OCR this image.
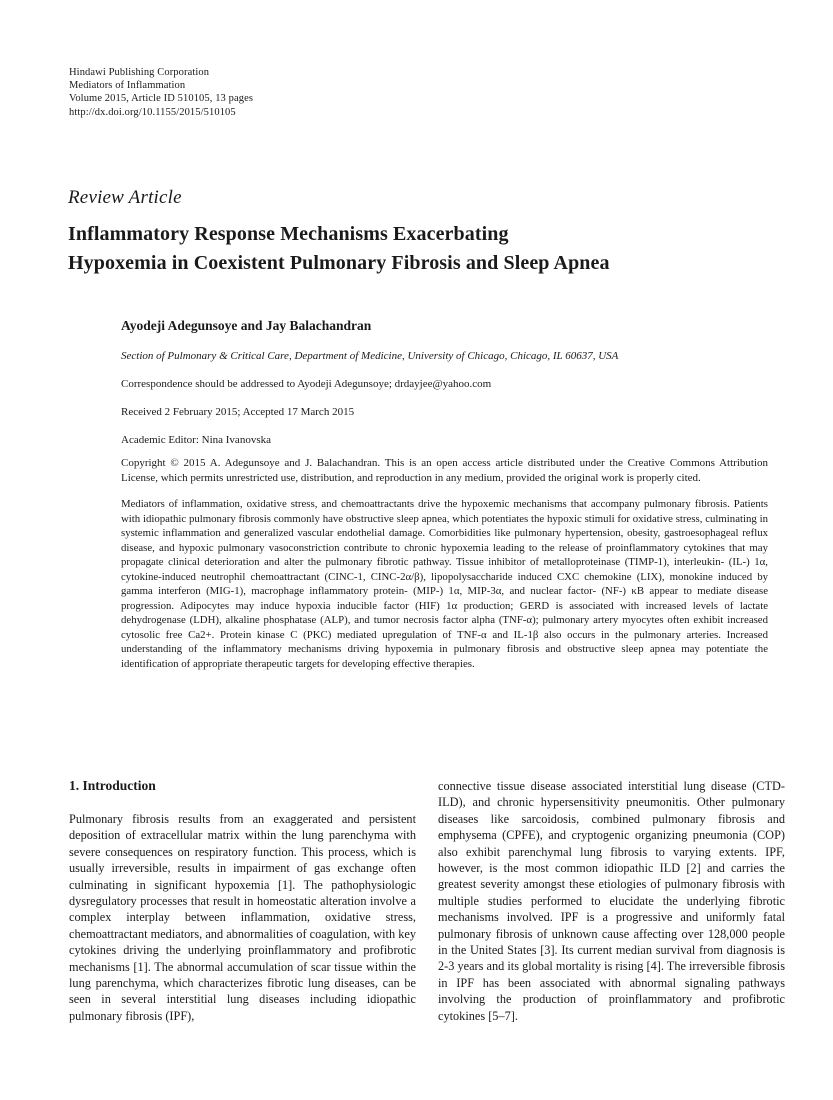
Hindawi Publishing Corporation
Mediators of Inflammation
Volume 2015, Article ID 510105, 13 pages
http://dx.doi.org/10.1155/2015/510105
Review Article
Inflammatory Response Mechanisms Exacerbating
Hypoxemia in Coexistent Pulmonary Fibrosis and Sleep Apnea
Ayodeji Adegunsoye and Jay Balachandran
Section of Pulmonary & Critical Care, Department of Medicine, University of Chicago, Chicago, IL 60637, USA
Correspondence should be addressed to Ayodeji Adegunsoye; drdayjee@yahoo.com
Received 2 February 2015; Accepted 17 March 2015
Academic Editor: Nina Ivanovska

Copyright © 2015 A. Adegunsoye and J. Balachandran. This is an open access article distributed under the Creative Commons Attribution License, which permits unrestricted use, distribution, and reproduction in any medium, provided the original work is properly cited.

Mediators of inflammation, oxidative stress, and chemoattractants drive the hypoxemic mechanisms that accompany pulmonary fibrosis. Patients with idiopathic pulmonary fibrosis commonly have obstructive sleep apnea, which potentiates the hypoxic stimuli for oxidative stress, culminating in systemic inflammation and generalized vascular endothelial damage. Comorbidities like pulmonary hypertension, obesity, gastroesophageal reflux disease, and hypoxic pulmonary vasoconstriction contribute to chronic hypoxemia leading to the release of proinflammatory cytokines that may propagate clinical deterioration and alter the pulmonary fibrotic pathway. Tissue inhibitor of metalloproteinase (TIMP-1), interleukin- (IL-) 1α, cytokine-induced neutrophil chemoattractant (CINC-1, CINC-2α/β), lipopolysaccharide induced CXC chemokine (LIX), monokine induced by gamma interferon (MIG-1), macrophage inflammatory protein- (MIP-) 1α, MIP-3α, and nuclear factor- (NF-) κB appear to mediate disease progression. Adipocytes may induce hypoxia inducible factor (HIF) 1α production; GERD is associated with increased levels of lactate dehydrogenase (LDH), alkaline phosphatase (ALP), and tumor necrosis factor alpha (TNF-α); pulmonary artery myocytes often exhibit increased cytosolic free Ca2+. Protein kinase C (PKC) mediated upregulation of TNF-α and IL-1β also occurs in the pulmonary arteries. Increased understanding of the inflammatory mechanisms driving hypoxemia in pulmonary fibrosis and obstructive sleep apnea may potentiate the identification of appropriate therapeutic targets for developing effective therapies.

1. Introduction

Pulmonary fibrosis results from an exaggerated and persistent deposition of extracellular matrix within the lung parenchyma with severe consequences on respiratory function. This process, which is usually irreversible, results in impairment of gas exchange often culminating in significant hypoxemia [1]. The pathophysiologic dysregulatory processes that result in homeostatic alteration involve a complex interplay between inflammation, oxidative stress, chemoattractant mediators, and abnormalities of coagulation, with key cytokines driving the underlying proinflammatory and profibrotic mechanisms [1]. The abnormal accumulation of scar tissue within the lung parenchyma, which characterizes fibrotic lung diseases, can be seen in several interstitial lung diseases including idiopathic pulmonary fibrosis (IPF),

connective tissue disease associated interstitial lung disease (CTD-ILD), and chronic hypersensitivity pneumonitis. Other pulmonary diseases like sarcoidosis, combined pulmonary fibrosis and emphysema (CPFE), and cryptogenic organizing pneumonia (COP) also exhibit parenchymal lung fibrosis to varying extents. IPF, however, is the most common idiopathic ILD [2] and carries the greatest severity amongst these etiologies of pulmonary fibrosis with multiple studies performed to elucidate the underlying fibrotic mechanisms involved. IPF is a progressive and uniformly fatal pulmonary fibrosis of unknown cause affecting over 128,000 people in the United States [3]. Its current median survival from diagnosis is 2-3 years and its global mortality is rising [4]. The irreversible fibrosis in IPF has been associated with abnormal signaling pathways involving the production of proinflammatory and profibrotic cytokines [5–7].
